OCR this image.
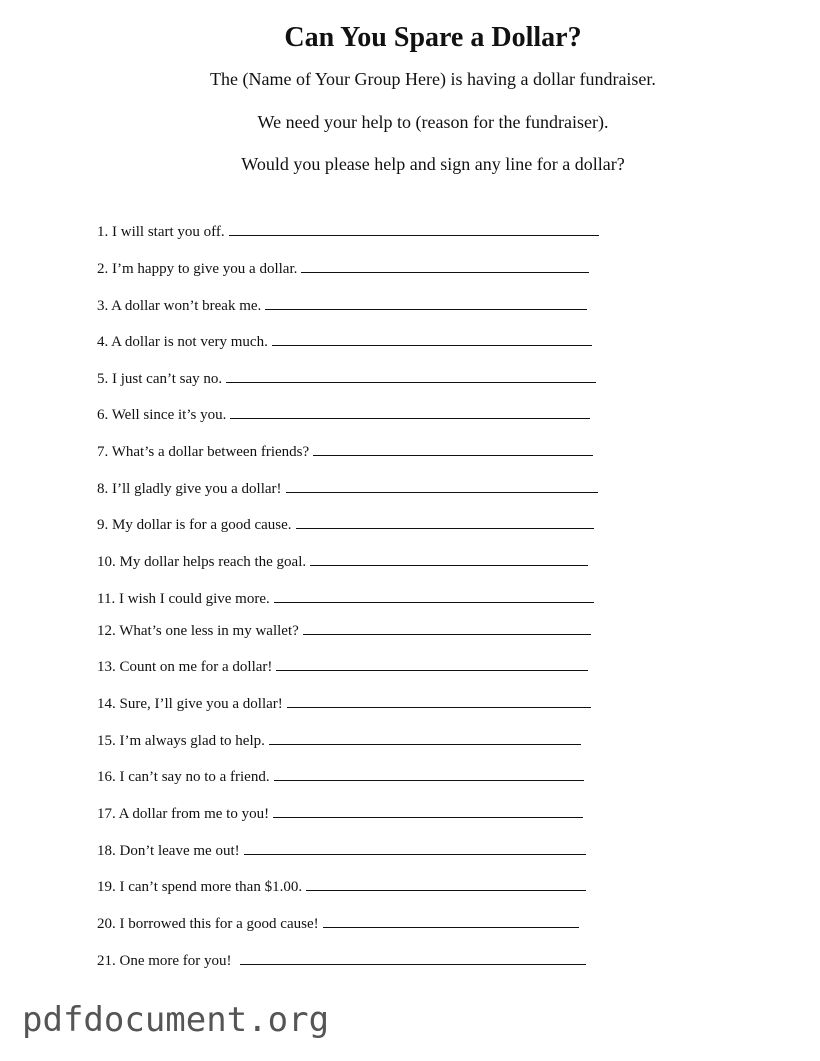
Can You Spare a Dollar?

The (Name of Your Group Here) is having a dollar fundraiser.

We need your help to (reason for the fundraiser).

Would you please help and sign any line for a dollar?

1. I will start you off.
2. I’m happy to give you a dollar.
3. A dollar won’t break me.
4. A dollar is not very much.
5. I just can’t say no.
6. Well since it’s you.
7. What’s a dollar between friends?
8. I’ll gladly give you a dollar!
9. My dollar is for a good cause.
10. My dollar helps reach the goal.
11. I wish I could give more.
12. What’s one less in my wallet?
13. Count on me for a dollar!
14. Sure, I’ll give you a dollar!
15. I’m always glad to help.
16. I can’t say no to a friend.
17. A dollar from me to you!
18. Don’t leave me out!
19. I can’t spend more than $1.00.
20. I borrowed this for a good cause!
21. One more for you!
pdfdocument.org
